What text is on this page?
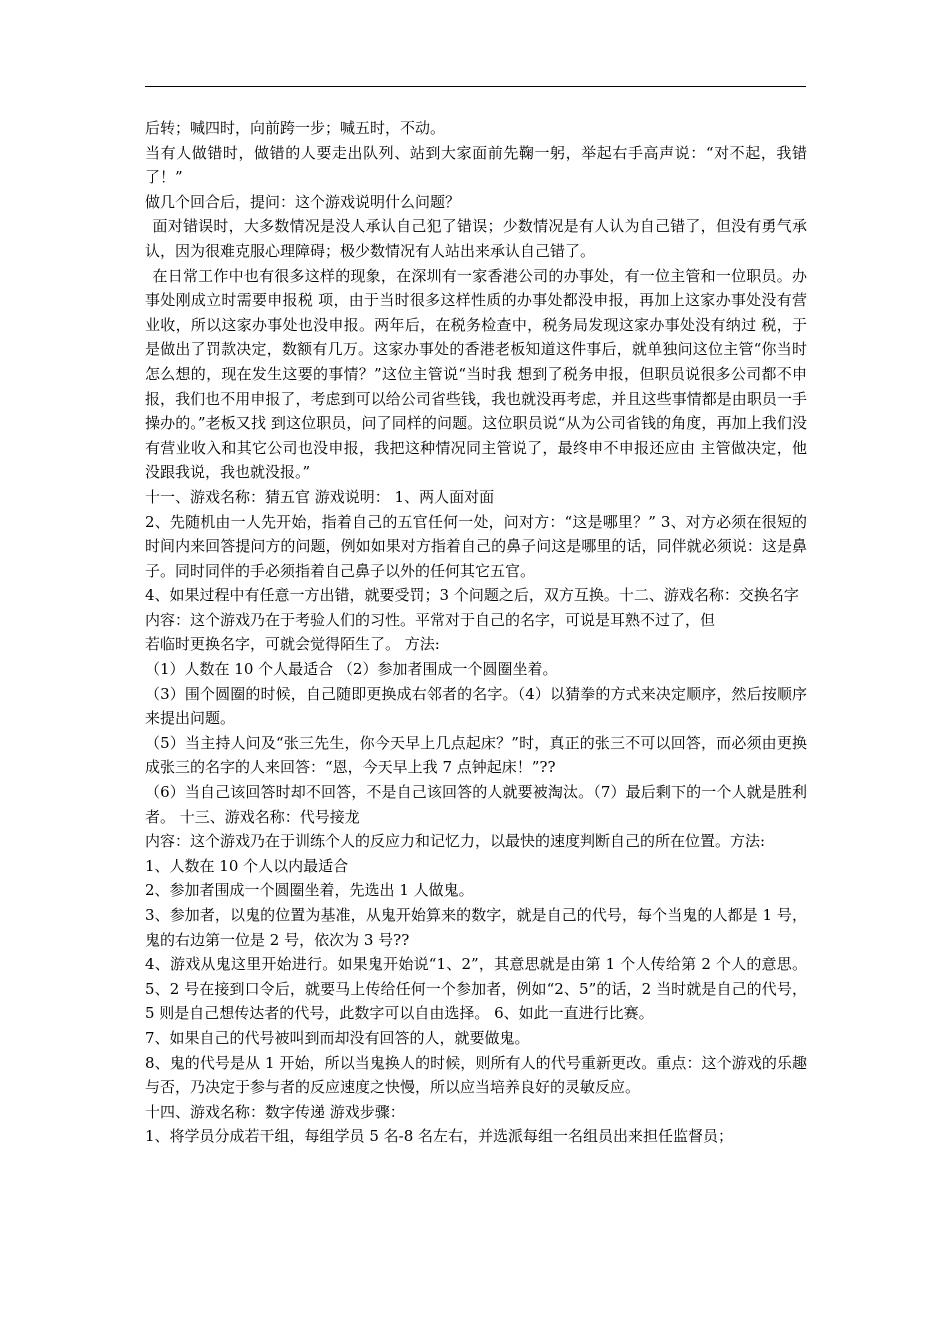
后转；喊四时，向前跨一步；喊五时，不动。

当有人做错时，做错的人要走出队列、站到大家面前先鞠一躬，举起右手高声说：“对不起，我错了！”

做几个回合后，提问：这个游戏说明什么问题？

面对错误时，大多数情况是没人承认自己犯了错误；少数情况是有人认为自己错了，但没有勇气承认，因为很难克服心理障碍；极少数情况有人站出来承认自己错了。

在日常工作中也有很多这样的现象，在深圳有一家香港公司的办事处，有一位主管和一位职员。办事处刚成立时需要申报税 项，由于当时很多这样性质的办事处都没申报，再加上这家办事处没有营业收，所以这家办事处也没申报。两年后，在税务检查中，税务局发现这家办事处没有纳过 税，于是做出了罚款决定，数额有几万。这家办事处的香港老板知道这件事后，就单独问这位主管“你当时怎么想的，现在发生这要的事情？”这位主管说“当时我 想到了税务申报，但职员说很多公司都不申报，我们也不用申报了，考虑到可以给公司省些钱，我也就没再考虑，并且这些事情都是由职员一手操办的。”老板又找 到这位职员，问了同样的问题。这位职员说“从为公司省钱的角度，再加上我们没有营业收入和其它公司也没申报，我把这种情况同主管说了，最终申不申报还应由 主管做决定，他没跟我说，我也就没报。”

十一、游戏名称：猜五官 游戏说明： 1、两人面对面

2、先随机由一人先开始，指着自己的五官任何一处，问对方：“这是哪里？” 3、对方必须在很短的时间内来回答提问方的问题，例如如果对方指着自己的鼻子问这是哪里的话，同伴就必须说：这是鼻子。同时同伴的手必须指着自己鼻子以外的任何其它五官。

4、如果过程中有任意一方出错，就要受罚；3 个问题之后，双方互换。十二、游戏名称：交换名字

内容：这个游戏乃在于考验人们的习性。平常对于自己的名字，可说是耳熟不过了，但

若临时更换名字，可就会觉得陌生了。 方法:

（1）人数在 10 个人最适合 （2）参加者围成一个圆圈坐着。

（3）围个圆圈的时候，自己随即更换成右邻者的名字。（4）以猜拳的方式来决定顺序，然后按顺序来提出问题。

（5）当主持人问及“张三先生，你今天早上几点起床？”时，真正的张三不可以回答，而必须由更换成张三的名字的人来回答：“恩，今天早上我 7 点钟起床！”??

（6）当自己该回答时却不回答，不是自己该回答的人就要被淘汰。（7）最后剩下的一个人就是胜利者。 十三、游戏名称：代号接龙

内容：这个游戏乃在于训练个人的反应力和记忆力，以最快的速度判断自己的所在位置。方法:

1、人数在 10 个人以内最适合

2、参加者围成一个圆圈坐着，先选出 1 人做鬼。

3、参加者，以鬼的位置为基准，从鬼开始算来的数字，就是自己的代号，每个当鬼的人都是 1 号，鬼的右边第一位是 2 号，依次为 3 号??

4、游戏从鬼这里开始进行。如果鬼开始说“1、2”，其意思就是由第 1 个人传给第 2 个人的意思。5、2 号在接到口令后，就要马上传给任何一个参加者，例如“2、5”的话，2 当时就是自己的代号，5 则是自己想传达者的代号，此数字可以自由选择。 6、如此一直进行比赛。

7、如果自己的代号被叫到而却没有回答的人，就要做鬼。

8、鬼的代号是从 1 开始，所以当鬼换人的时候，则所有人的代号重新更改。重点：这个游戏的乐趣与否，乃决定于参与者的反应速度之快慢，所以应当培养良好的灵敏反应。

十四、游戏名称：数字传递 游戏步骤：

1、将学员分成若干组，每组学员 5 名-8 名左右，并选派每组一名组员出来担任监督员；
